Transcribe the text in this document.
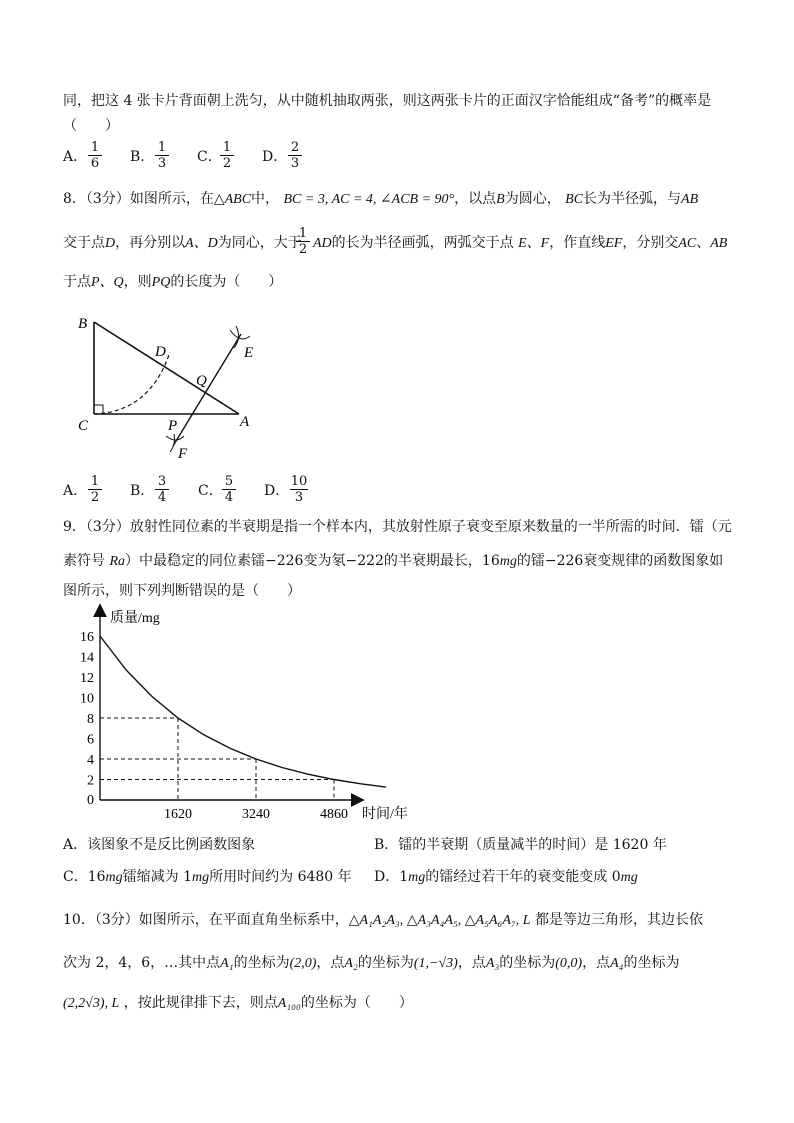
同，把这 4 张卡片背面朝上洗匀，从中随机抽取两张，则这两张卡片的正面汉字恰能组成“备考”的概率是
（　　）
A． $\frac{1}{6}$ B． $\frac{1}{3}$ C．
$\frac{1}{2}$ D． $\frac{2}{3}$
8．（3分）如图所示，在△ABC中， BC = 3, AC = 4, ∠ACB = 90°，以点B为圆心， BC长为半径弧，与AB
交于点D，再分别以A、D为同心，大于
$\frac{1}{2}$ AD的长为半径画弧，两弧交于点 E、F，作直线EF，分别交AC、AB
于点P、Q，则PQ的长度为（　　）
B
C	A
D
Q
P
E
F
A． $\frac{1}{2}$ B． $\frac{3}{4}$ C． $\frac{5}{4}$ D． $\frac{10}{3}$
9．（3分）放射性同位素的半衰期是指一个样本内，其放射性原子衰变至原来数量的一半所需的时间．镭（元
素符号 Ra）中最稳定的同位素镭−226变为氡−222的半衰期最长，16mg的镭−226衰变规律的函数图象如
图所示，则下列判断错误的是（　　）
质量/mg
时间/年
16
14
12
10
8
6
4
2
0
1620	3240	4860
A．该图象不是反比例函数图象	B．镭的半衰期（质量减半的时间）是 1620 年
C．16mg镭缩减为 1mg所用时间约为 6480 年 D．1mg的镭经过若干年的衰变能变成 0mg
10．（3分）如图所示，在平面直角坐标系中，△A₁A₂A₃, △A₃A₄A₅, △A₅A₆A₇, L 都是等边三角形，其边长依
次为 2，4，6，…其中点A₁的坐标为(2,0)，点A₂的坐标为(1,−√3)，点A₃的坐标为(0,0)，点A₄的坐标为
(2,2√3), L ，按此规律排下去，则点A₁₀₀的坐标为（　　）
